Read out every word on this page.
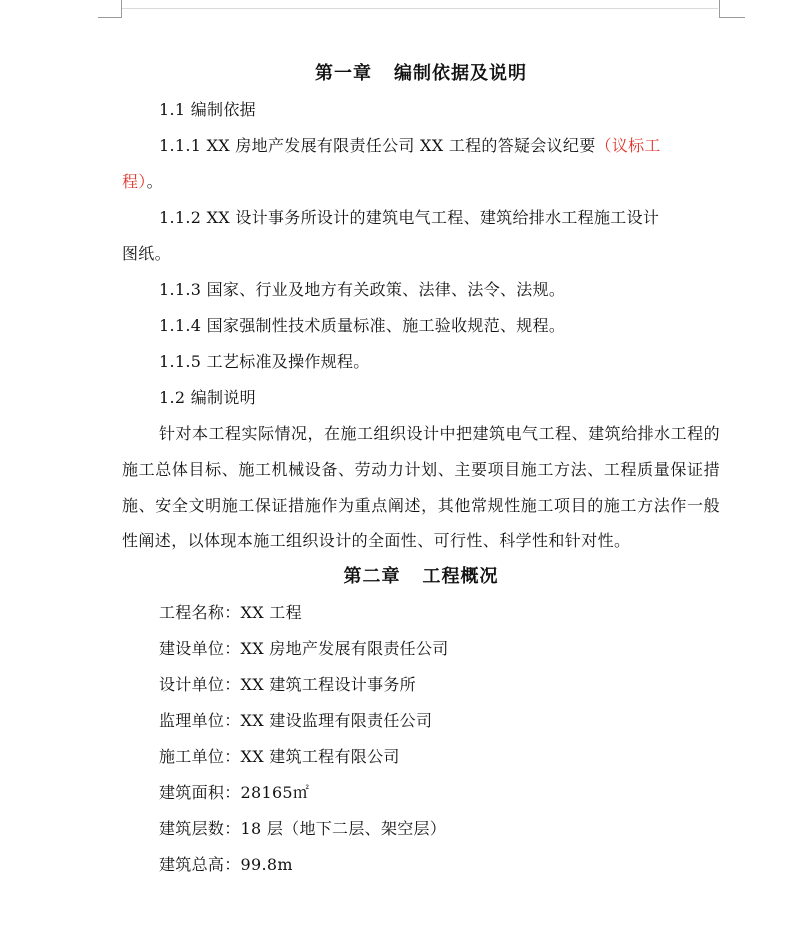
第一章 编制依据及说明
1.1 编制依据
1.1.1 XX 房地产发展有限责任公司 XX 工程的答疑会议纪要（议标工
程）。
1.1.2 XX 设计事务所设计的建筑电气工程、建筑给排水工程施工设计
图纸。
1.1.3 国家、行业及地方有关政策、法律、法令、法规。
1.1.4 国家强制性技术质量标准、施工验收规范、规程。
1.1.5 工艺标准及操作规程。
1.2 编制说明
针对本工程实际情况，在施工组织设计中把建筑电气工程、建筑给排水工程的施工总体目标、施工机械设备、劳动力计划、主要项目施工方法、工程质量保证措施、安全文明施工保证措施作为重点阐述，其他常规性施工项目的施工方法作一般性阐述，以体现本施工组织设计的全面性、可行性、科学性和针对性。
第二章 工程概况
工程名称：XX 工程
建设单位：XX 房地产发展有限责任公司
设计单位：XX 建筑工程设计事务所
监理单位：XX 建设监理有限责任公司
施工单位：XX 建筑工程有限公司
建筑面积：28165㎡
建筑层数：18 层（地下二层、架空层）
建筑总高：99.8m
